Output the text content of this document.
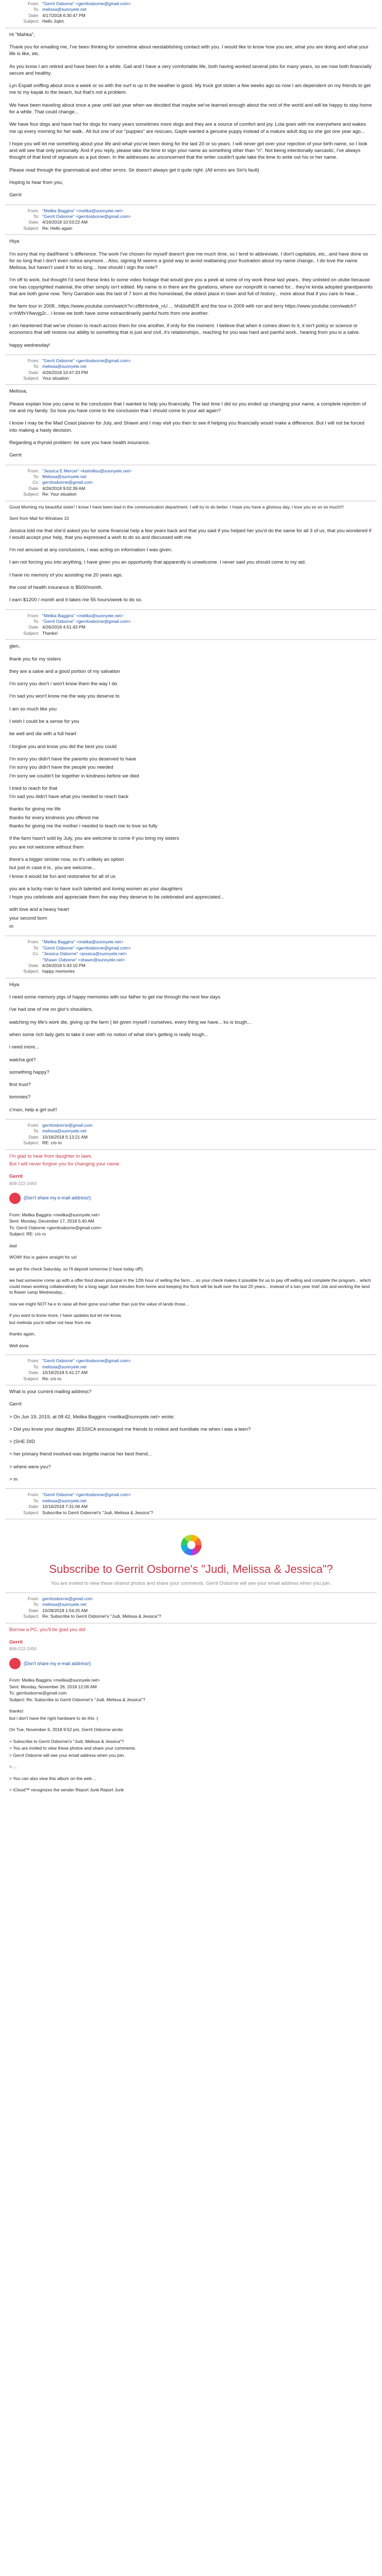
From: "Gerrit Osborne" <gerritosborne@gmail.com>
To: melissa@sunnyele.net
Date: 4/17/2018 6:30:47 PM
Subject: Hello Jojim

Hi "Mahka",

Thank you for emailing me, I've been thinking for sometime about reestablishing contact with you. I would like to know how you are, what you are doing and what your life is like, etc.

As you know I am retired and have been for a while. Gail and I have a very comfortable life, both having worked several jobs for many years, so we now both financially secure and healthy.

Lyn Espalt sniffing about once a week or so with the surf is up in the weather is good. My truck got stolen a few weeks ago so now I am dependent on my friends to get me to my kayak to the beach, but that's not a problem.

We have been traveling about once a year until last year when we decided that maybe we've learned enough about the rest of the world and will be happy to stay home for a while. That could change...

We have four dogs and have had for dogs for many years sometimes more dogs and they are a source of comfort and joy. Lola goes with me everywhere and wakes me up every morning for her walk.. All but one of our "puppies" are rescues, Gayle wanted a genuine puppy instead of a mature adult dog so she got one year ago...

I hope you will let me something about your life and what you've been doing for the last 20 or so years. I will never get over your rejection of your birth name, so I look and will see that only personally. And if you reply, please take the time to sign your name as something other than "n". Not being intentionally sarcastic, I've always thought of that kind of signature as a put down. In the addresses as unconcerned that the writer couldn't quite take the time to write out his or her name.

Please read through the grammatical and other errors. Sir doesn't always get it quite right. (All errors are Siri's fault)

Hoping to hear from you,

Gerrit

From: "Melika Baggins" <melika@sunnyele.net>
To: "Gerrit Osborne" <gerritosborne@gmail.com>
Date: 4/16/2018 10:53:22 AM
Subject: Re: Hello again

Hiya

I'm sorry that my dad/friend 's difference. The work I've chosen for myself doesn't give me much time, so I tend to abbreviate, I don't capitalize, etc...and have done so for so long that I don't even notice anymore... Also, signing M seems a good way to avoid reattaining your frustration about my name change.. I do love the name Melissa, but haven't used it for so long... how should I sign the note?

I'm off to work, but thought I'd send these links to some video footage that would give you a peek at some of my work these last years.. they unlisted on utube because one has copyrighted material, the other simply isn't edited. My name is in there are the gyrations, where our nonprofit is named for... they're kinda adopted grandparents that are both gone now. Terry Garrabon was the last of 7 born at this homestead, the oldest place in town and full of history... more about that if you care to hear...

the farm tour in 2008...https://www.youtube.com/watch?v=z8bHmbnk_nU ... hh&listNER and the tour in 2009 with ron and terry https://www.youtube.com/watch?v=hWfxYAwvjg2r... i know we both have some extraordinarily painful hurts from one another.

I am heartened that we've chosen to reach across them for one another, if only for the moment. I believe that when it comes down to it, it isn't policy or science or economics that will restore our ability to something that is just and civil, it's relationships.. reaching for you was hard and painful work.. hearing from you is a salve.

happy wednesday!

From: "Gerrit Osborne" <gerritosborne@gmail.com>
To: melissa@sunnyele.net
Date: 4/26/2018 10:47:33 PM
Subject: Your situation

Melissa,

Please explain how you came to the conclusion that I wanted to help you financially. The last time I did so you ended up changing your name, a complete rejection of me and my family. So how you have come to the conclusion that I should come to your aid again?

I know I may be the Mad Coast planner for July, and Shawn and I may visit you then to see if helping you financially would make a difference. But I will not be forced into making a hasty decision.

Regarding a thyroid problem: be sure you have health insurance.

Gerrit

From: "Jessica E Mercer" <kaimillou@sunnyele.net>
To: Melissa@sunnyele.net
Cc: gerritosborne@gmail.com
Date: 4/26/2018 9:02:39 AM
Subject: Re: Your situation

Good Morning my beautiful sister! I know I have been bad in the communication department. I will try to do better. I hope you have a glorious day, I love you so so so much!!!

Sent from Mail for Windows 10

Jessica told me that she'd asked you for some financial help a few years back and that you said if you helped her you'd do the same for all 3 of us, that you wondered if I would accept your help, that you expressed a wish to do so and discussed with me.

I'm not amused at any conclusions, I was acting on information I was given.

I am not forcing you into anything. I have given you an opportunity that apparently is unwelcome. I never said you should come to my aid.

I have no memory of you assisting me 20 years ago.

the cost of health insurance is $500/month.

I earn $1200 / month and it takes me 55 hours/week to do so.

From: "Melika Baggins" <melika@sunnyele.net>
To: "Gerrit Osborne" <gerritosborne@gmail.com>
Date: 4/26/2018 4:51:43 PM
Subject: Thanks!

glen,

thank you for my sisters

they are a salve and a good portion of my salvation

I'm sorry you don't / won't know them the way I do

I'm sad you won't know me the way you deserve to

I am so much like you

I wish I could be a sense for you

be well and die with a full heart

I forgive you and know you did the best you could

I'm sorry you didn't have the parents you deserved to have

I'm sorry you didn't have the people you needed

I'm sorry we couldn't be together in kindness before we died

I tried to reach for that

I'm sad you didn't have what you needed to reach back

thanks for giving me life

thanks for every kindness you offered me

thanks for giving me the mother i needed to teach me to love so fully

if the farm hasn't sold by July, you are welcome to come if you bring my sisters

you are not welcome without them

there's a bigger sinister now, so it's unlikely an option

but just in case it is.. you are welcome...

I know it would be fun and restorative for all of us

you are a lucky man to have such talented and loving women as your daughters

I hope you celebrate and appreciate them the way they deserve to be celebrated and appreciated...

with love and a heavy heart

your second born

m

From: "Melika Baggins" <melika@sunnyele.net>
To: "Gerrit Osborne" <gerritosborne@gmail.com>
Cc: "Jessica Osborne" <jessica@sunnyele.net>
"Shawn Osborne" <shawn@sunnyele.net>
Date: 6/26/2018 5:43:10 PM
Subject: happy memories

Hiya

I need some memory pigs of happy memories with our father to get me through the next few days

i've had one of me on glor's shoulders,

watching my life's work die, giving up the farm ( let given myself / ourselves, every thing we have... ks is tough...

when some rich lady gets to take it over with no notion of what she's getting is really tough...

i need more...

watcha got?

something happy?

first trust?

tommies?

c'mon, help a girl out!!

From: gerritosborne@gmail.com
To: melissa@sunnyele.net
Date: 10/16/2018 5:13:21 AM
Subject: RE: c/o ro

I'm glad to hear from daughter in laws.

But I will never forgive you for changing your name.

Gerrit
808-222-2450
(Don't share my e-mail address!)

From: Melika Baggins <melika@sunnyele.net>

Sent: Monday, December 17, 2018 5:40 AM

To: Gerrit Osborne <gerritosborne@gmail.com>

Subject: RE: c/o ro

dad

WOW! this is galore straight for us!

we got the check Saturday, so I'll deposit tomorrow (I have today off!)

we had someone come up with a offer fond down principal in the 12th hour of selling the farm.... so your check makes it possible for us to pay off selling and complete the program... which could mean working collaboratively for a long saga! Just minutes from home and keeping the flock will be built over the last 20 years... instead of a two year trial! Job and working the land to flower camp Wednesday...

now we might NOT ha e to raise all their gone soul rather than just the value of lands those...

if you want to know more, I have updates but let me know.

but melinda you'd rather not hear from me

thanks again,

Well done

From: "Gerrit Osborne" <gerritosborne@gmail.com>
To: melissa@sunnyele.net
Date: 10/16/2018 5:41:27 AM
Subject: Re: c/o ro

What is your current mailing address?

Gerrit

> On Jun 19, 2019, at 08:42, Melika Baggins <melika@sunnyele.net> wrote:

> Did you know your daughter JESSICA encouraged me friends to molest and humiliate me when i was a teen?

> (SHE DID

> her primary friend involved was brigette marcie her best friend...

> where were you?

> m

From: "Gerrit Osborne" <gerritosborne@gmail.com>
To: melissa@sunnyele.net
Date: 10/16/2018 7:31:06 AM
Subject: Subscribe to Gerrit Osborne\'s "Judi, Melissa & Jessica"?
Subscribe to Gerrit Osborne's "Judi, Melissa & Jessica"?
You are invited to view these shared photos and share your comments. Gerrit Osborne will see your email address when you join.
From: gerritosborne@gmail.com
To: melissa@sunnyele.net
Date: 10/28/2018 1:54:25 AM
Subject: Re: Subscribe to Gerrit Osborne\'s "Judi, Melissa & Jessica"?

Borrow a PC, you'll be glad you did

Gerrit
808-222-2450
(Don't share my e-mail address!)

From: Melika Baggins <melika@sunnyele.net>

Sent: Monday, November 26, 2018 12:06 AM

To: gerritosborne@gmail.com

Subject: Re: Subscribe to Gerrit Osborne\'s "Judi, Melissa & Jessica"?

thanks!

but i don't have the right hardware to do this :(

On Tue, November 6, 2018 9:52 pm, Gerrit Osborne wrote:

> Subscribe to Gerrit Osborne\'s "Judi, Melissa & Jessica"?

> You are invited to view these photos and share your comments.

> Gerrit Osborne will see your email address when you join.

> ...

> You can also view this album on the web ...

> iCloud™ recognizes the sender Report Junk Report Junk
